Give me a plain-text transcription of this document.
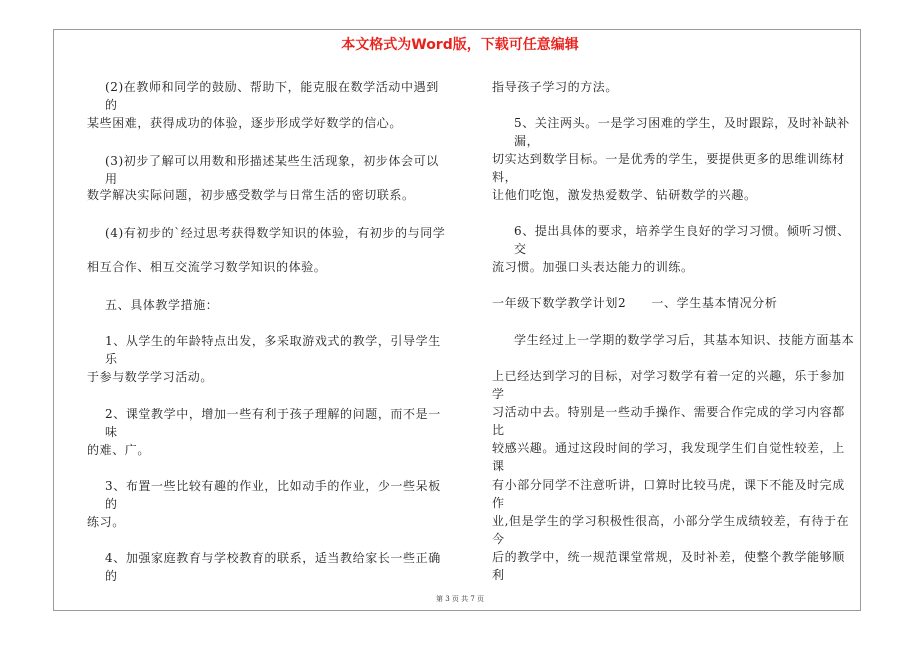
本文格式为Word版，下载可任意编辑

(2)在教师和同学的鼓励、帮助下，能克服在数学活动中遇到的

某些困难，获得成功的体验，逐步形成学好数学的信心。

(3)初步了解可以用数和形描述某些生活现象，初步体会可以用

数学解决实际问题，初步感受数学与日常生活的密切联系。

(4)有初步的`经过思考获得数学知识的体验，有初步的与同学

相互合作、相互交流学习数学知识的体验。

五、具体教学措施：

1、从学生的年龄特点出发，多采取游戏式的教学，引导学生乐

于参与数学学习活动。

2、课堂教学中，增加一些有利于孩子理解的问题，而不是一味

的难、广。

3、布置一些比较有趣的作业，比如动手的作业，少一些呆板的

练习。

4、加强家庭教育与学校教育的联系，适当教给家长一些正确的

指导孩子学习的方法。

5、关注两头。一是学习困难的学生，及时跟踪，及时补缺补漏，

切实达到数学目标。一是优秀的学生，要提供更多的思维训练材料，

让他们吃饱，激发热爱数学、钻研数学的兴趣。

6、提出具体的要求，培养学生良好的学习习惯。倾听习惯、交

流习惯。加强口头表达能力的训练。

一年级下数学教学计划2　　一、学生基本情况分析

学生经过上一学期的数学学习后，其基本知识、技能方面基本

上已经达到学习的目标，对学习数学有着一定的兴趣，乐于参加学

习活动中去。特别是一些动手操作、需要合作完成的学习内容都比

较感兴趣。通过这段时间的学习，我发现学生们自觉性较差，上课

有小部分同学不注意听讲，口算时比较马虎，课下不能及时完成作

业,但是学生的学习积极性很高，小部分学生成绩较差，有待于在今

后的教学中，统一规范课堂常规，及时补差，使整个教学能够顺利

第 3 页 共 7 页
